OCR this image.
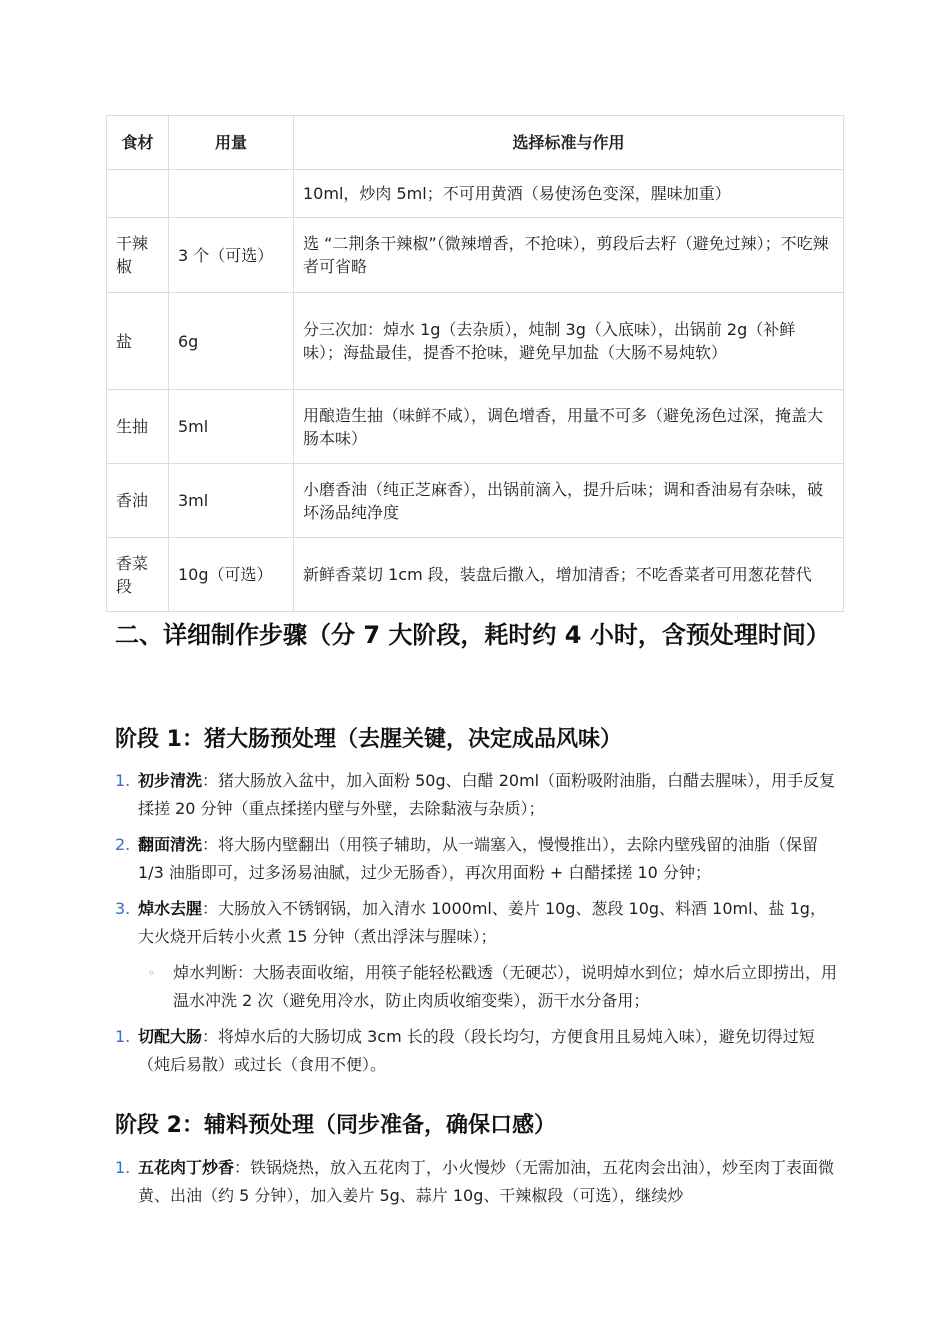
食材	用量	选择标准与作用
		10ml，炒肉 5ml；不可用黄酒（易使汤色变深，腥味加重）
干辣椒	3 个（可选）	选 “二荆条干辣椒”（微辣增香，不抢味），剪段后去籽（避免过辣）；不吃辣者可省略
盐	6g	分三次加：焯水 1g（去杂质），炖制 3g（入底味），出锅前 2g（补鲜味）；海盐最佳，提香不抢味，避免早加盐（大肠不易炖软）
生抽	5ml	用酿造生抽（味鲜不咸），调色增香，用量不可多（避免汤色过深，掩盖大肠本味）
香油	3ml	小磨香油（纯正芝麻香），出锅前滴入，提升后味；调和香油易有杂味，破坏汤品纯净度
香菜段	10g（可选）	新鲜香菜切 1cm 段，装盘后撒入，增加清香；不吃香菜者可用葱花替代
二、详细制作步骤（分 7 大阶段，耗时约 4 小时，含预处理时间）
阶段 1：猪大肠预处理（去腥关键，决定成品风味）
1. 初步清洗：猪大肠放入盆中，加入面粉 50g、白醋 20ml（面粉吸附油脂，白醋去腥味），用手反复揉搓 20 分钟（重点揉搓内壁与外壁，去除黏液与杂质）；
2. 翻面清洗：将大肠内壁翻出（用筷子辅助，从一端塞入，慢慢推出），去除内壁残留的油脂（保留 1/3 油脂即可，过多汤易油腻，过少无肠香），再次用面粉 + 白醋揉搓 10 分钟；
3. 焯水去腥：大肠放入不锈钢锅，加入清水 1000ml、姜片 10g、葱段 10g、料酒 10ml、盐 1g，大火烧开后转小火煮 15 分钟（煮出浮沫与腥味）；
◦ 焯水判断：大肠表面收缩，用筷子能轻松戳透（无硬芯），说明焯水到位；焯水后立即捞出，用温水冲洗 2 次（避免用冷水，防止肉质收缩变柴），沥干水分备用；
1. 切配大肠：将焯水后的大肠切成 3cm 长的段（段长均匀，方便食用且易炖入味），避免切得过短（炖后易散）或过长（食用不便）。
阶段 2：辅料预处理（同步准备，确保口感）
1. 五花肉丁炒香：铁锅烧热，放入五花肉丁，小火慢炒（无需加油，五花肉会出油），炒至肉丁表面微黄、出油（约 5 分钟），加入姜片 5g、蒜片 10g、干辣椒段（可选），继续炒
